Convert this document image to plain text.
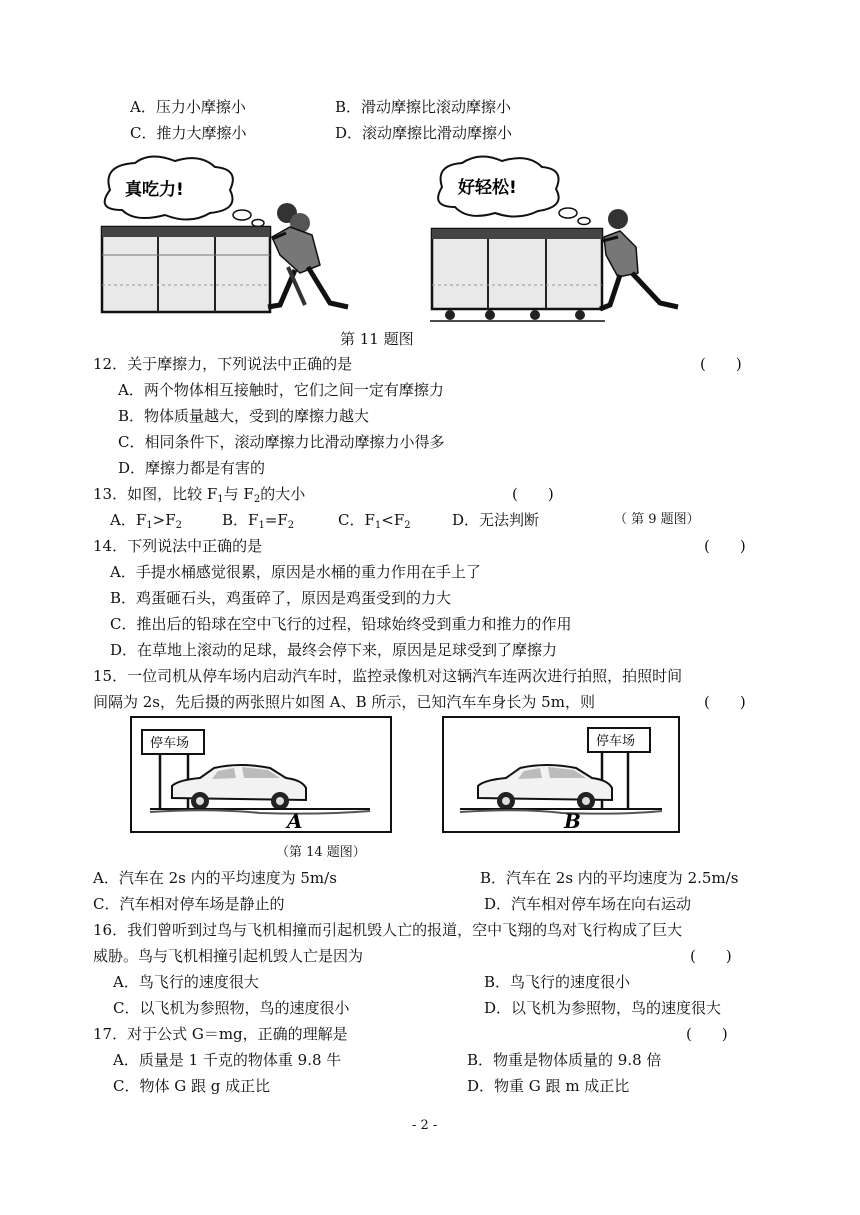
A．压力小摩擦小	B．滑动摩擦比滚动摩擦小
C．推力大摩擦小	D．滚动摩擦比滑动摩擦小
真吃力!	好轻松!
第 11 题图
12．关于摩擦力，下列说法中正确的是	(　　)
A．两个物体相互接触时，它们之间一定有摩擦力
B．物体质量越大，受到的摩擦力越大
C．相同条件下，滚动摩擦力比滑动摩擦力小得多
D．摩擦力都是有害的
13．如图，比较 $F_1$与 $F_2$的大小	(　　)
A．$F_1>F_2$	B．$F_1=F_2$	C．$F_1<F_2$	D．无法判断	（ 第 9 题图）
14．下列说法中正确的是	(　　)
A．手提水桶感觉很累，原因是水桶的重力作用在手上了
B．鸡蛋砸石头，鸡蛋碎了，原因是鸡蛋受到的力大
C．推出后的铅球在空中飞行的过程，铅球始终受到重力和推力的作用
D．在草地上滚动的足球，最终会停下来，原因是足球受到了摩擦力
15．一位司机从停车场内启动汽车时，监控录像机对这辆汽车连两次进行拍照，拍照时间
间隔为 2s，先后摄的两张照片如图 A、B 所示，已知汽车车身长为 5m，则	(　　)
停车场
A
停车场
B
（第 14 题图）
A．汽车在 2s 内的平均速度为 5m/s	B．汽车在 2s 内的平均速度为 2.5m/s
C．汽车相对停车场是静止的	D．汽车相对停车场在向右运动
16．我们曾听到过鸟与飞机相撞而引起机毁人亡的报道，空中飞翔的鸟对飞行构成了巨大
威胁。鸟与飞机相撞引起机毁人亡是因为	(　　)
A．鸟飞行的速度很大	B．鸟飞行的速度很小
C．以飞机为参照物，鸟的速度很小	D．以飞机为参照物，鸟的速度很大
17．对于公式 G＝mg，正确的理解是	(　　)
A．质量是 1 千克的物体重 9.8 牛	B．物重是物体质量的 9.8 倍
C．物体 G 跟 g 成正比	D．物重 G 跟 m 成正比
- 2 -
